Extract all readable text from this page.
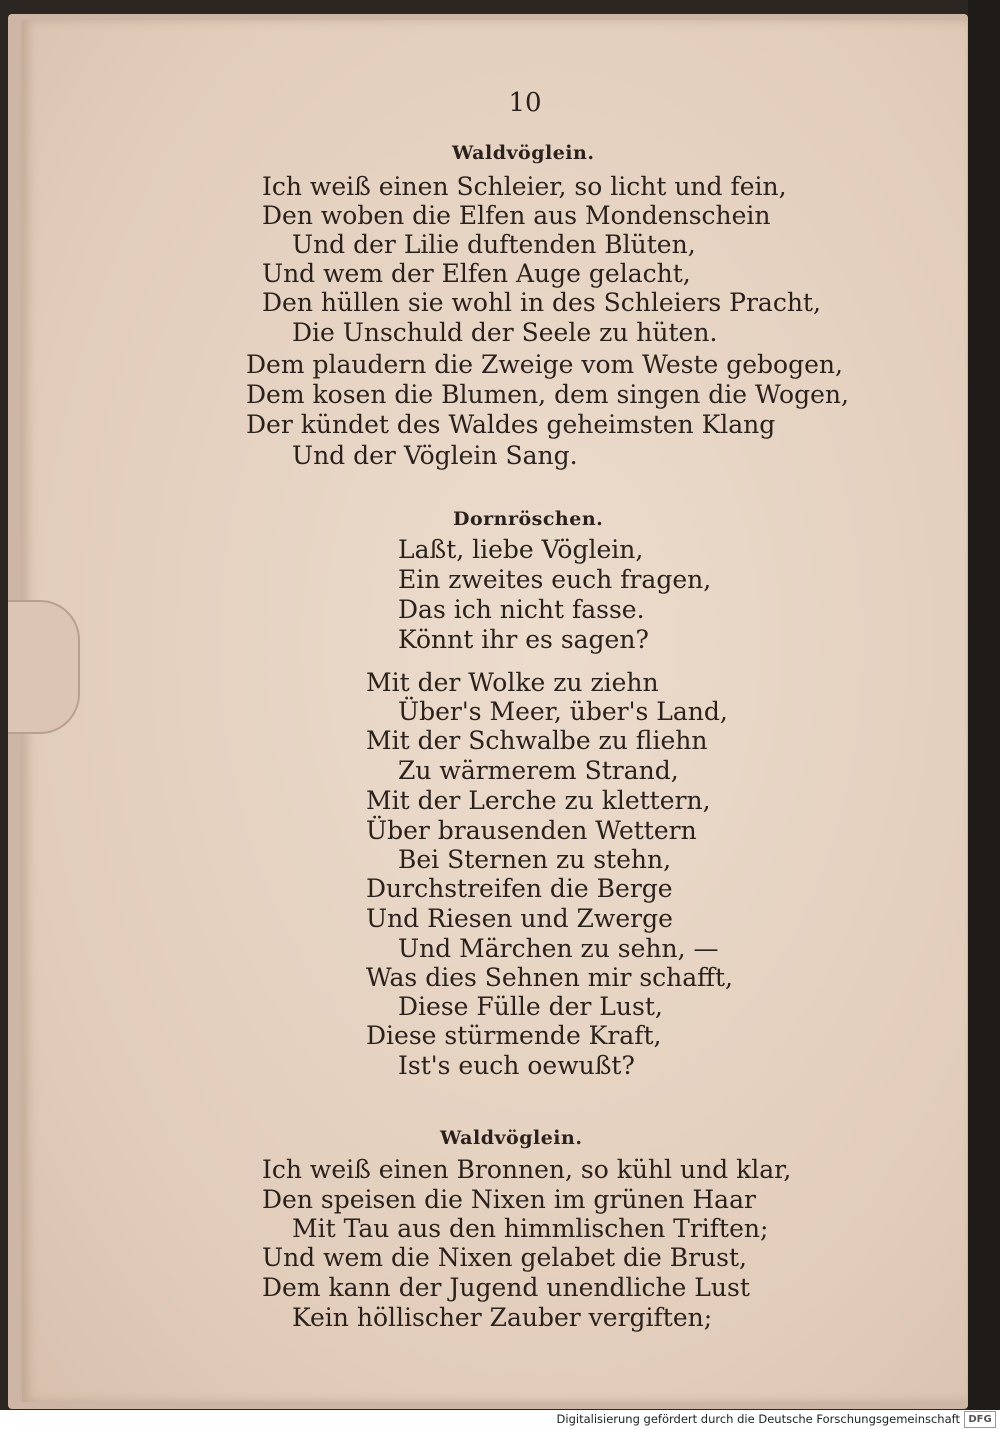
10
Waldvöglein.
Ich weiß einen Schleier, so licht und fein,
Den woben die Elfen aus Mondenschein
Und der Lilie duftenden Blüten,
Und wem der Elfen Auge gelacht,
Den hüllen sie wohl in des Schleiers Pracht,
Die Unschuld der Seele zu hüten.
Dem plaudern die Zweige vom Weste gebogen,
Dem kosen die Blumen, dem singen die Wogen,
Der kündet des Waldes geheimsten Klang
Und der Vöglein Sang.
Dornröschen.
Laßt, liebe Vöglein,
Ein zweites euch fragen,
Das ich nicht fasse.
Könnt ihr es sagen?
Mit der Wolke zu ziehn
Über's Meer, über's Land,
Mit der Schwalbe zu fliehn
Zu wärmerem Strand,
Mit der Lerche zu klettern,
Über brausenden Wettern
Bei Sternen zu stehn,
Durchstreifen die Berge
Und Riesen und Zwerge
Und Märchen zu sehn, —
Was dies Sehnen mir schafft,
Diese Fülle der Lust,
Diese stürmende Kraft,
Ist's euch oewußt?
Waldvöglein.
Ich weiß einen Bronnen, so kühl und klar,
Den speisen die Nixen im grünen Haar
Mit Tau aus den himmlischen Triften;
Und wem die Nixen gelabet die Brust,
Dem kann der Jugend unendliche Lust
Kein höllischer Zauber vergiften;
Digitalisierung gefördert durch die Deutsche Forschungsgemeinschaft DFG
